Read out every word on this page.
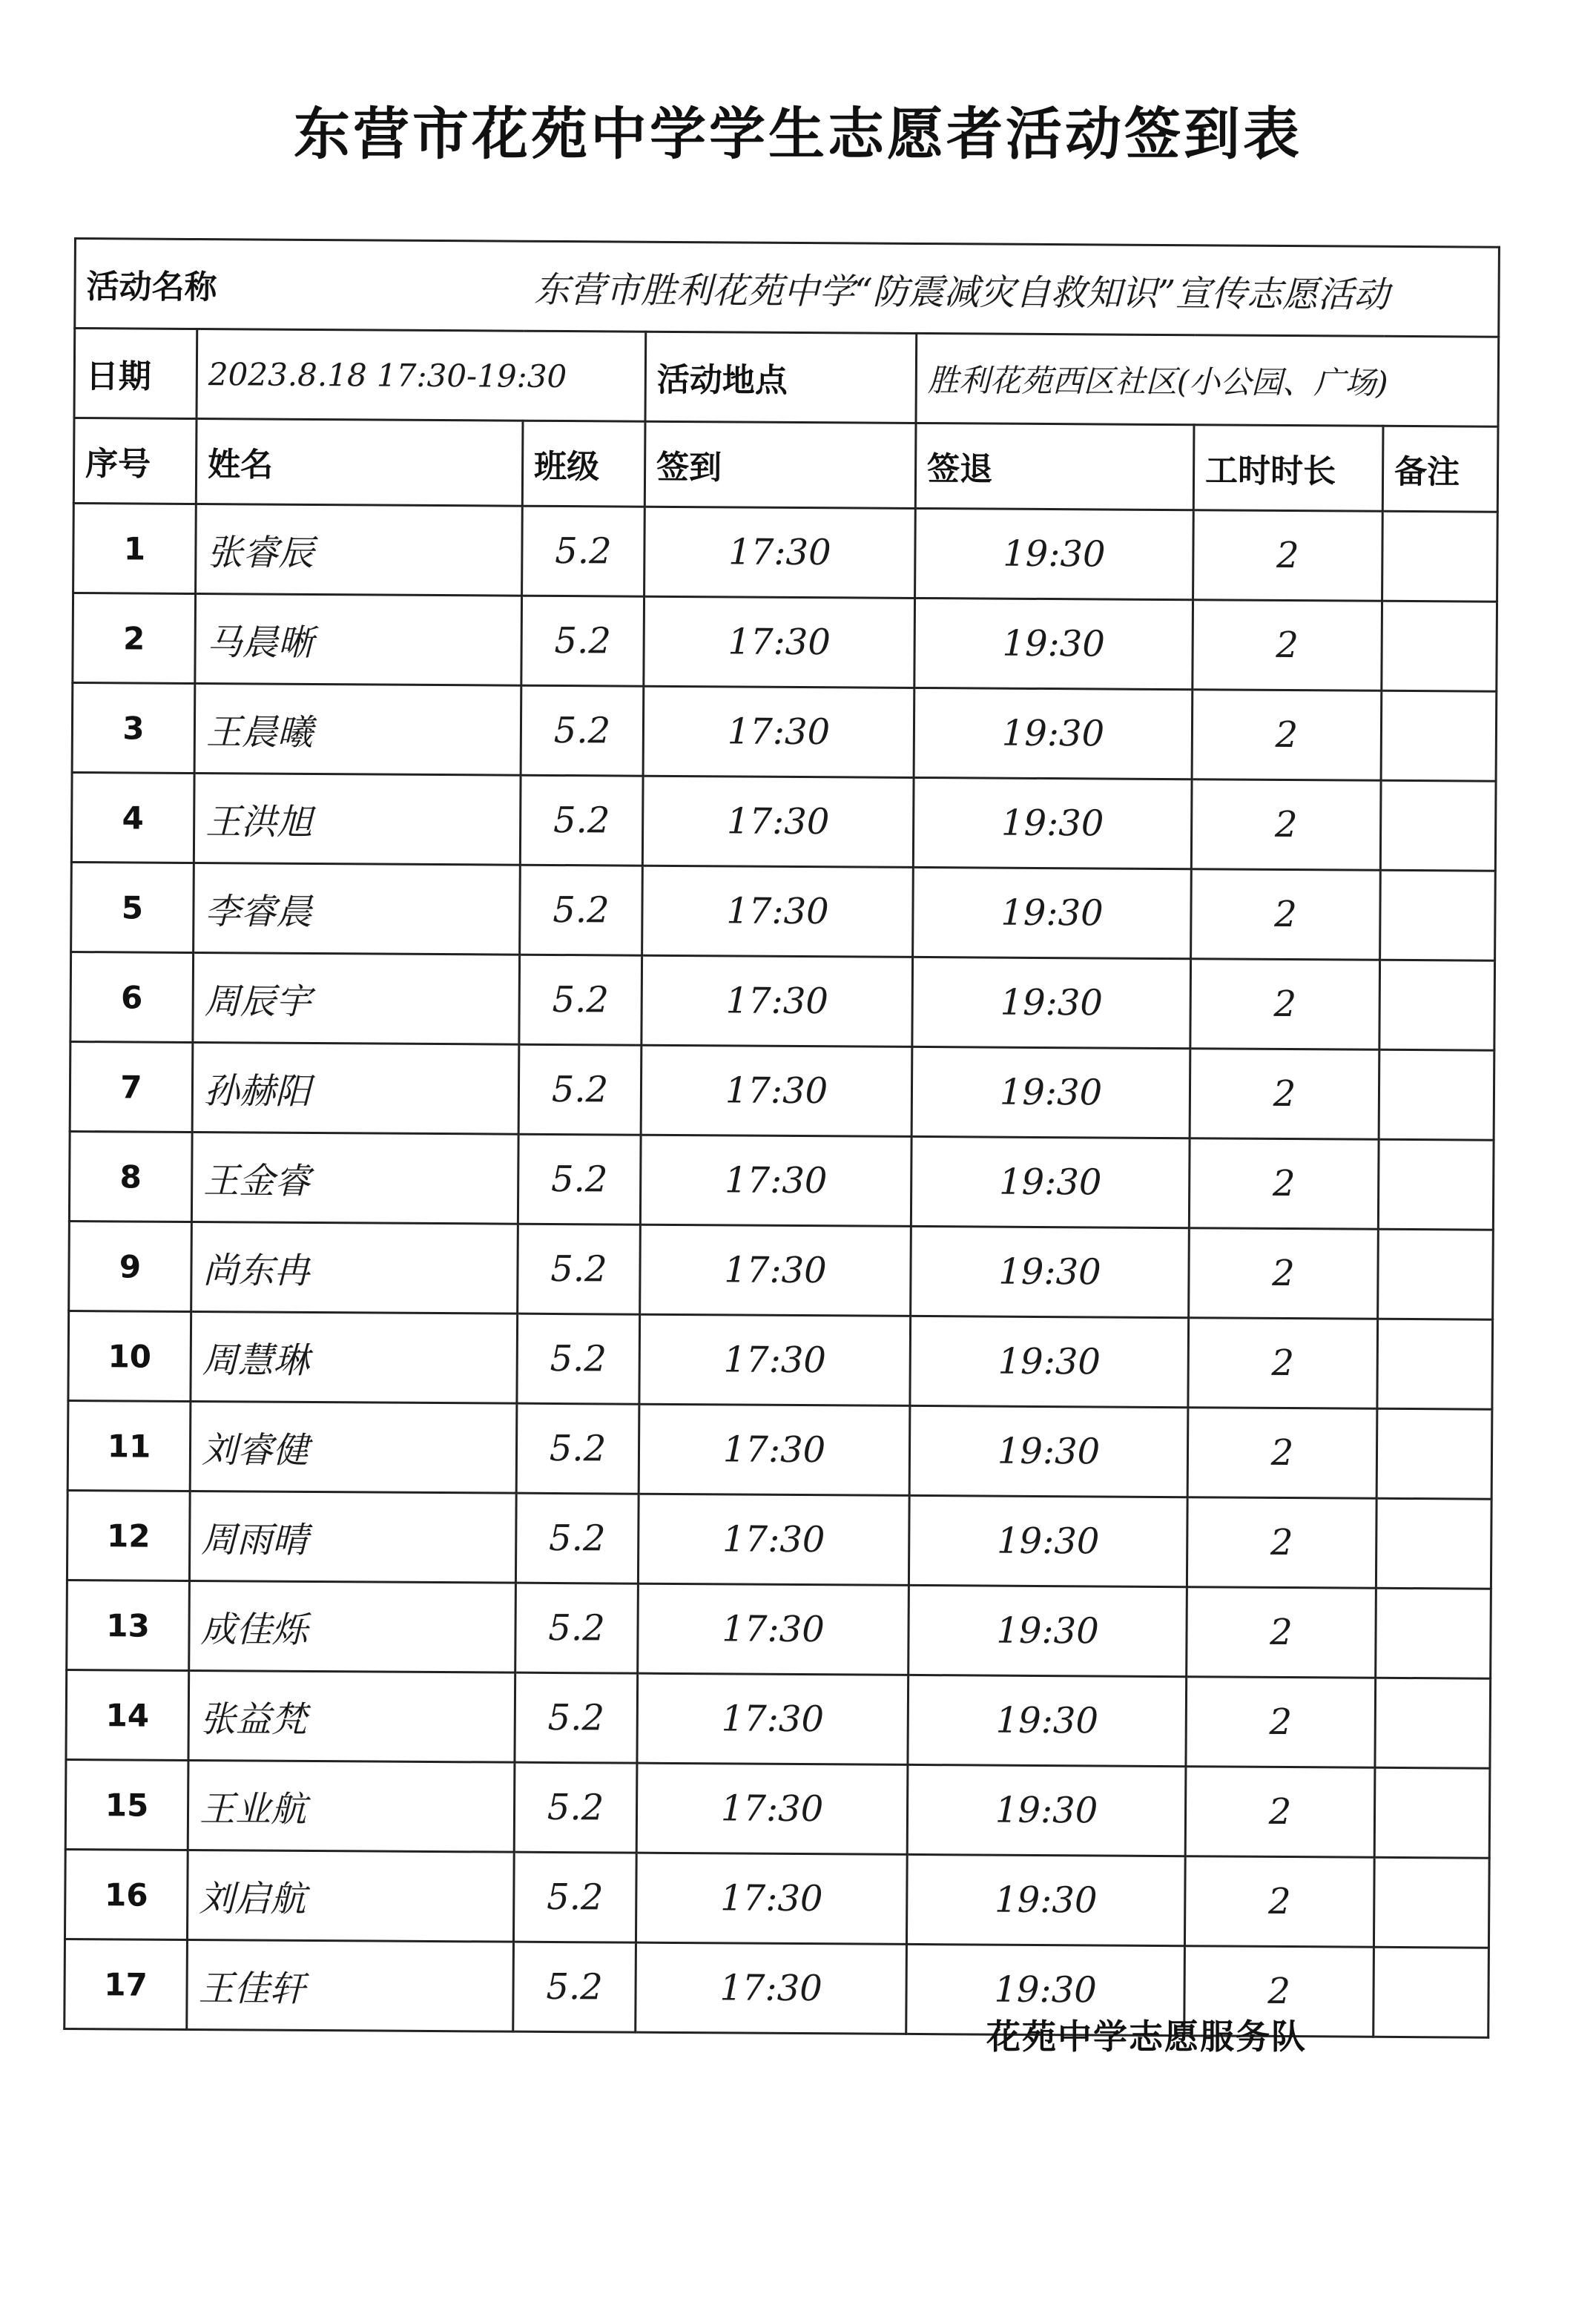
东营市花苑中学学生志愿者活动签到表
活动名称		东营市胜利花苑中学“防震减灾自救知识”宣传志愿活动				
日期	2023.8.18 17:30-19:30		活动地点	胜利花苑西区社区(小公园、广场)		
序号	姓名	班级	签到	签退	工时时长	备注
1	张睿辰	5.2	17:30	19:30	2	
2	马晨晰	5.2	17:30	19:30	2	
3	王晨曦	5.2	17:30	19:30	2	
4	王洪旭	5.2	17:30	19:30	2	
5	李睿晨	5.2	17:30	19:30	2	
6	周辰宇	5.2	17:30	19:30	2	
7	孙赫阳	5.2	17:30	19:30	2	
8	王金睿	5.2	17:30	19:30	2	
9	尚东冉	5.2	17:30	19:30	2	
10	周慧琳	5.2	17:30	19:30	2	
11	刘睿健	5.2	17:30	19:30	2	
12	周雨晴	5.2	17:30	19:30	2	
13	成佳烁	5.2	17:30	19:30	2	
14	张益梵	5.2	17:30	19:30	2	
15	王业航	5.2	17:30	19:30	2	
16	刘启航	5.2	17:30	19:30	2	
17	王佳轩	5.2	17:30	19:30	2	
花苑中学志愿服务队
